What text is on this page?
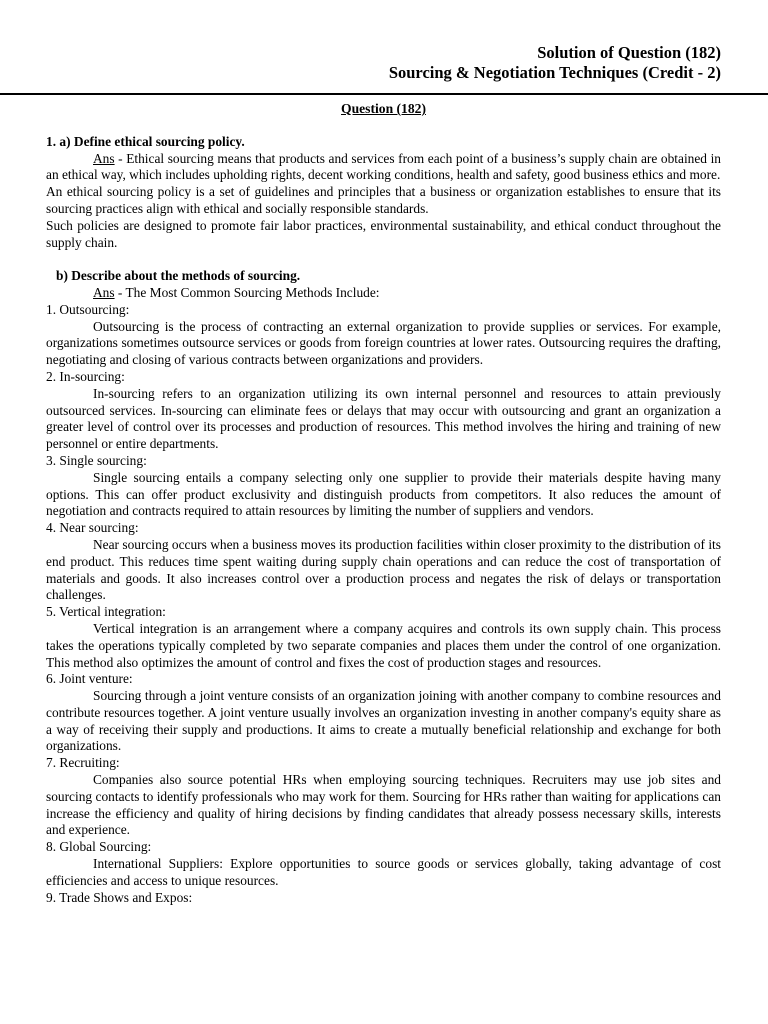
Solution of Question (182)
Sourcing & Negotiation Techniques (Credit - 2)
Question (182)

1. a) Define ethical sourcing policy.

Ans - Ethical sourcing means that products and services from each point of a business’s supply chain are obtained in an ethical way, which includes upholding rights, decent working conditions, health and safety, good business ethics and more.

An ethical sourcing policy is a set of guidelines and principles that a business or organization establishes to ensure that its sourcing practices align with ethical and socially responsible standards.

Such policies are designed to promote fair labor practices, environmental sustainability, and ethical conduct throughout the supply chain.

b) Describe about the methods of sourcing.

Ans - The Most Common Sourcing Methods Include:

1. Outsourcing:

Outsourcing is the process of contracting an external organization to provide supplies or services. For example, organizations sometimes outsource services or goods from foreign countries at lower rates. Outsourcing requires the drafting, negotiating and closing of various contracts between organizations and providers.

2. In-sourcing:

In-sourcing refers to an organization utilizing its own internal personnel and resources to attain previously outsourced services. In-sourcing can eliminate fees or delays that may occur with outsourcing and grant an organization a greater level of control over its processes and production of resources. This method involves the hiring and training of new personnel or entire departments.

3. Single sourcing:

Single sourcing entails a company selecting only one supplier to provide their materials despite having many options. This can offer product exclusivity and distinguish products from competitors. It also reduces the amount of negotiation and contracts required to attain resources by limiting the number of suppliers and vendors.

4. Near sourcing:

Near sourcing occurs when a business moves its production facilities within closer proximity to the distribution of its end product. This reduces time spent waiting during supply chain operations and can reduce the cost of transportation of materials and goods. It also increases control over a production process and negates the risk of delays or transportation challenges.

5. Vertical integration:

Vertical integration is an arrangement where a company acquires and controls its own supply chain. This process takes the operations typically completed by two separate companies and places them under the control of one organization. This method also optimizes the amount of control and fixes the cost of production stages and resources.

6. Joint venture:

Sourcing through a joint venture consists of an organization joining with another company to combine resources and contribute resources together. A joint venture usually involves an organization investing in another company's equity share as a way of receiving their supply and productions. It aims to create a mutually beneficial relationship and exchange for both organizations.

7. Recruiting:

Companies also source potential HRs when employing sourcing techniques. Recruiters may use job sites and sourcing contacts to identify professionals who may work for them. Sourcing for HRs rather than waiting for applications can increase the efficiency and quality of hiring decisions by finding candidates that already possess necessary skills, interests and experience.

8. Global Sourcing:

International Suppliers: Explore opportunities to source goods or services globally, taking advantage of cost efficiencies and access to unique resources.

9. Trade Shows and Expos:
